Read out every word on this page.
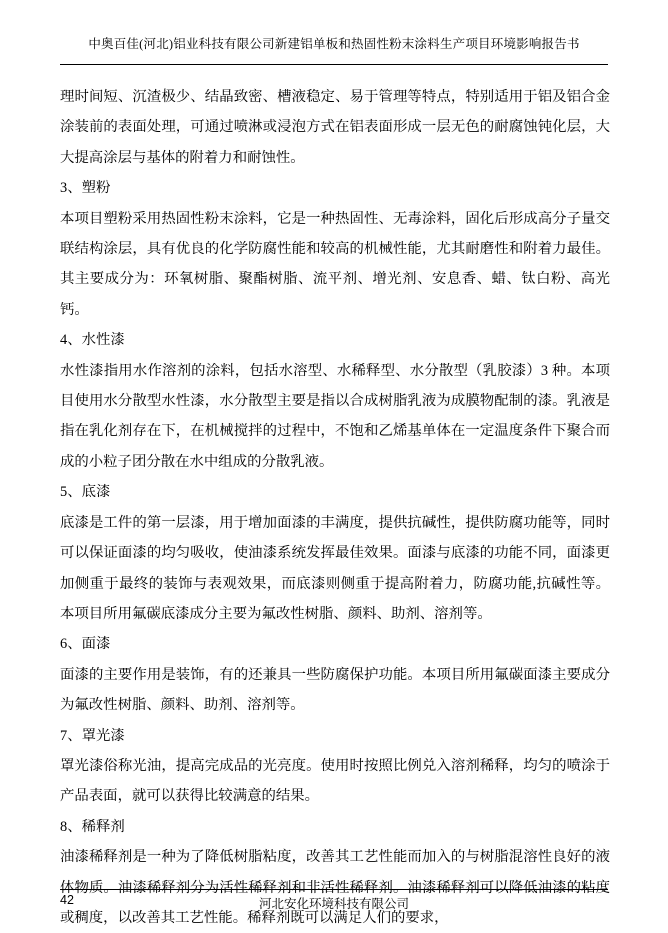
中奥百佳(河北)铝业科技有限公司新建铝单板和热固性粉末涂料生产项目环境影响报告书

理时间短、沉渣极少、结晶致密、槽液稳定、易于管理等特点，特别适用于铝及铝合金涂装前的表面处理，可通过喷淋或浸泡方式在铝表面形成一层无色的耐腐蚀钝化层，大大提高涂层与基体的附着力和耐蚀性。

3、塑粉

本项目塑粉采用热固性粉末涂料，它是一种热固性、无毒涂料，固化后形成高分子量交联结构涂层，具有优良的化学防腐性能和较高的机械性能，尤其耐磨性和附着力最佳。其主要成分为：环氧树脂、聚酯树脂、流平剂、增光剂、安息香、蜡、钛白粉、高光钙。

4、水性漆

水性漆指用水作溶剂的涂料，包括水溶型、水稀释型、水分散型（乳胶漆）3 种。本项目使用水分散型水性漆，水分散型主要是指以合成树脂乳液为成膜物配制的漆。乳液是指在乳化剂存在下，在机械搅拌的过程中，不饱和乙烯基单体在一定温度条件下聚合而成的小粒子团分散在水中组成的分散乳液。

5、底漆

底漆是工件的第一层漆，用于增加面漆的丰满度，提供抗碱性，提供防腐功能等，同时可以保证面漆的均匀吸收，使油漆系统发挥最佳效果。面漆与底漆的功能不同，面漆更加侧重于最终的装饰与表观效果，而底漆则侧重于提高附着力，防腐功能,抗碱性等。本项目所用氟碳底漆成分主要为氟改性树脂、颜料、助剂、溶剂等。

6、面漆

面漆的主要作用是装饰，有的还兼具一些防腐保护功能。本项目所用氟碳面漆主要成分为氟改性树脂、颜料、助剂、溶剂等。

7、罩光漆

罩光漆俗称光油，提高完成品的光亮度。使用时按照比例兑入溶剂稀释，均匀的喷涂于产品表面，就可以获得比较满意的结果。

8、稀释剂

油漆稀释剂是一种为了降低树脂粘度，改善其工艺性能而加入的与树脂混溶性良好的液体物质。油漆稀释剂分为活性稀释剂和非活性稀释剂。油漆稀释剂可以降低油漆的粘度或稠度，以改善其工艺性能。稀释剂既可以满足人们的要求，

42	河北安化环境科技有限公司
